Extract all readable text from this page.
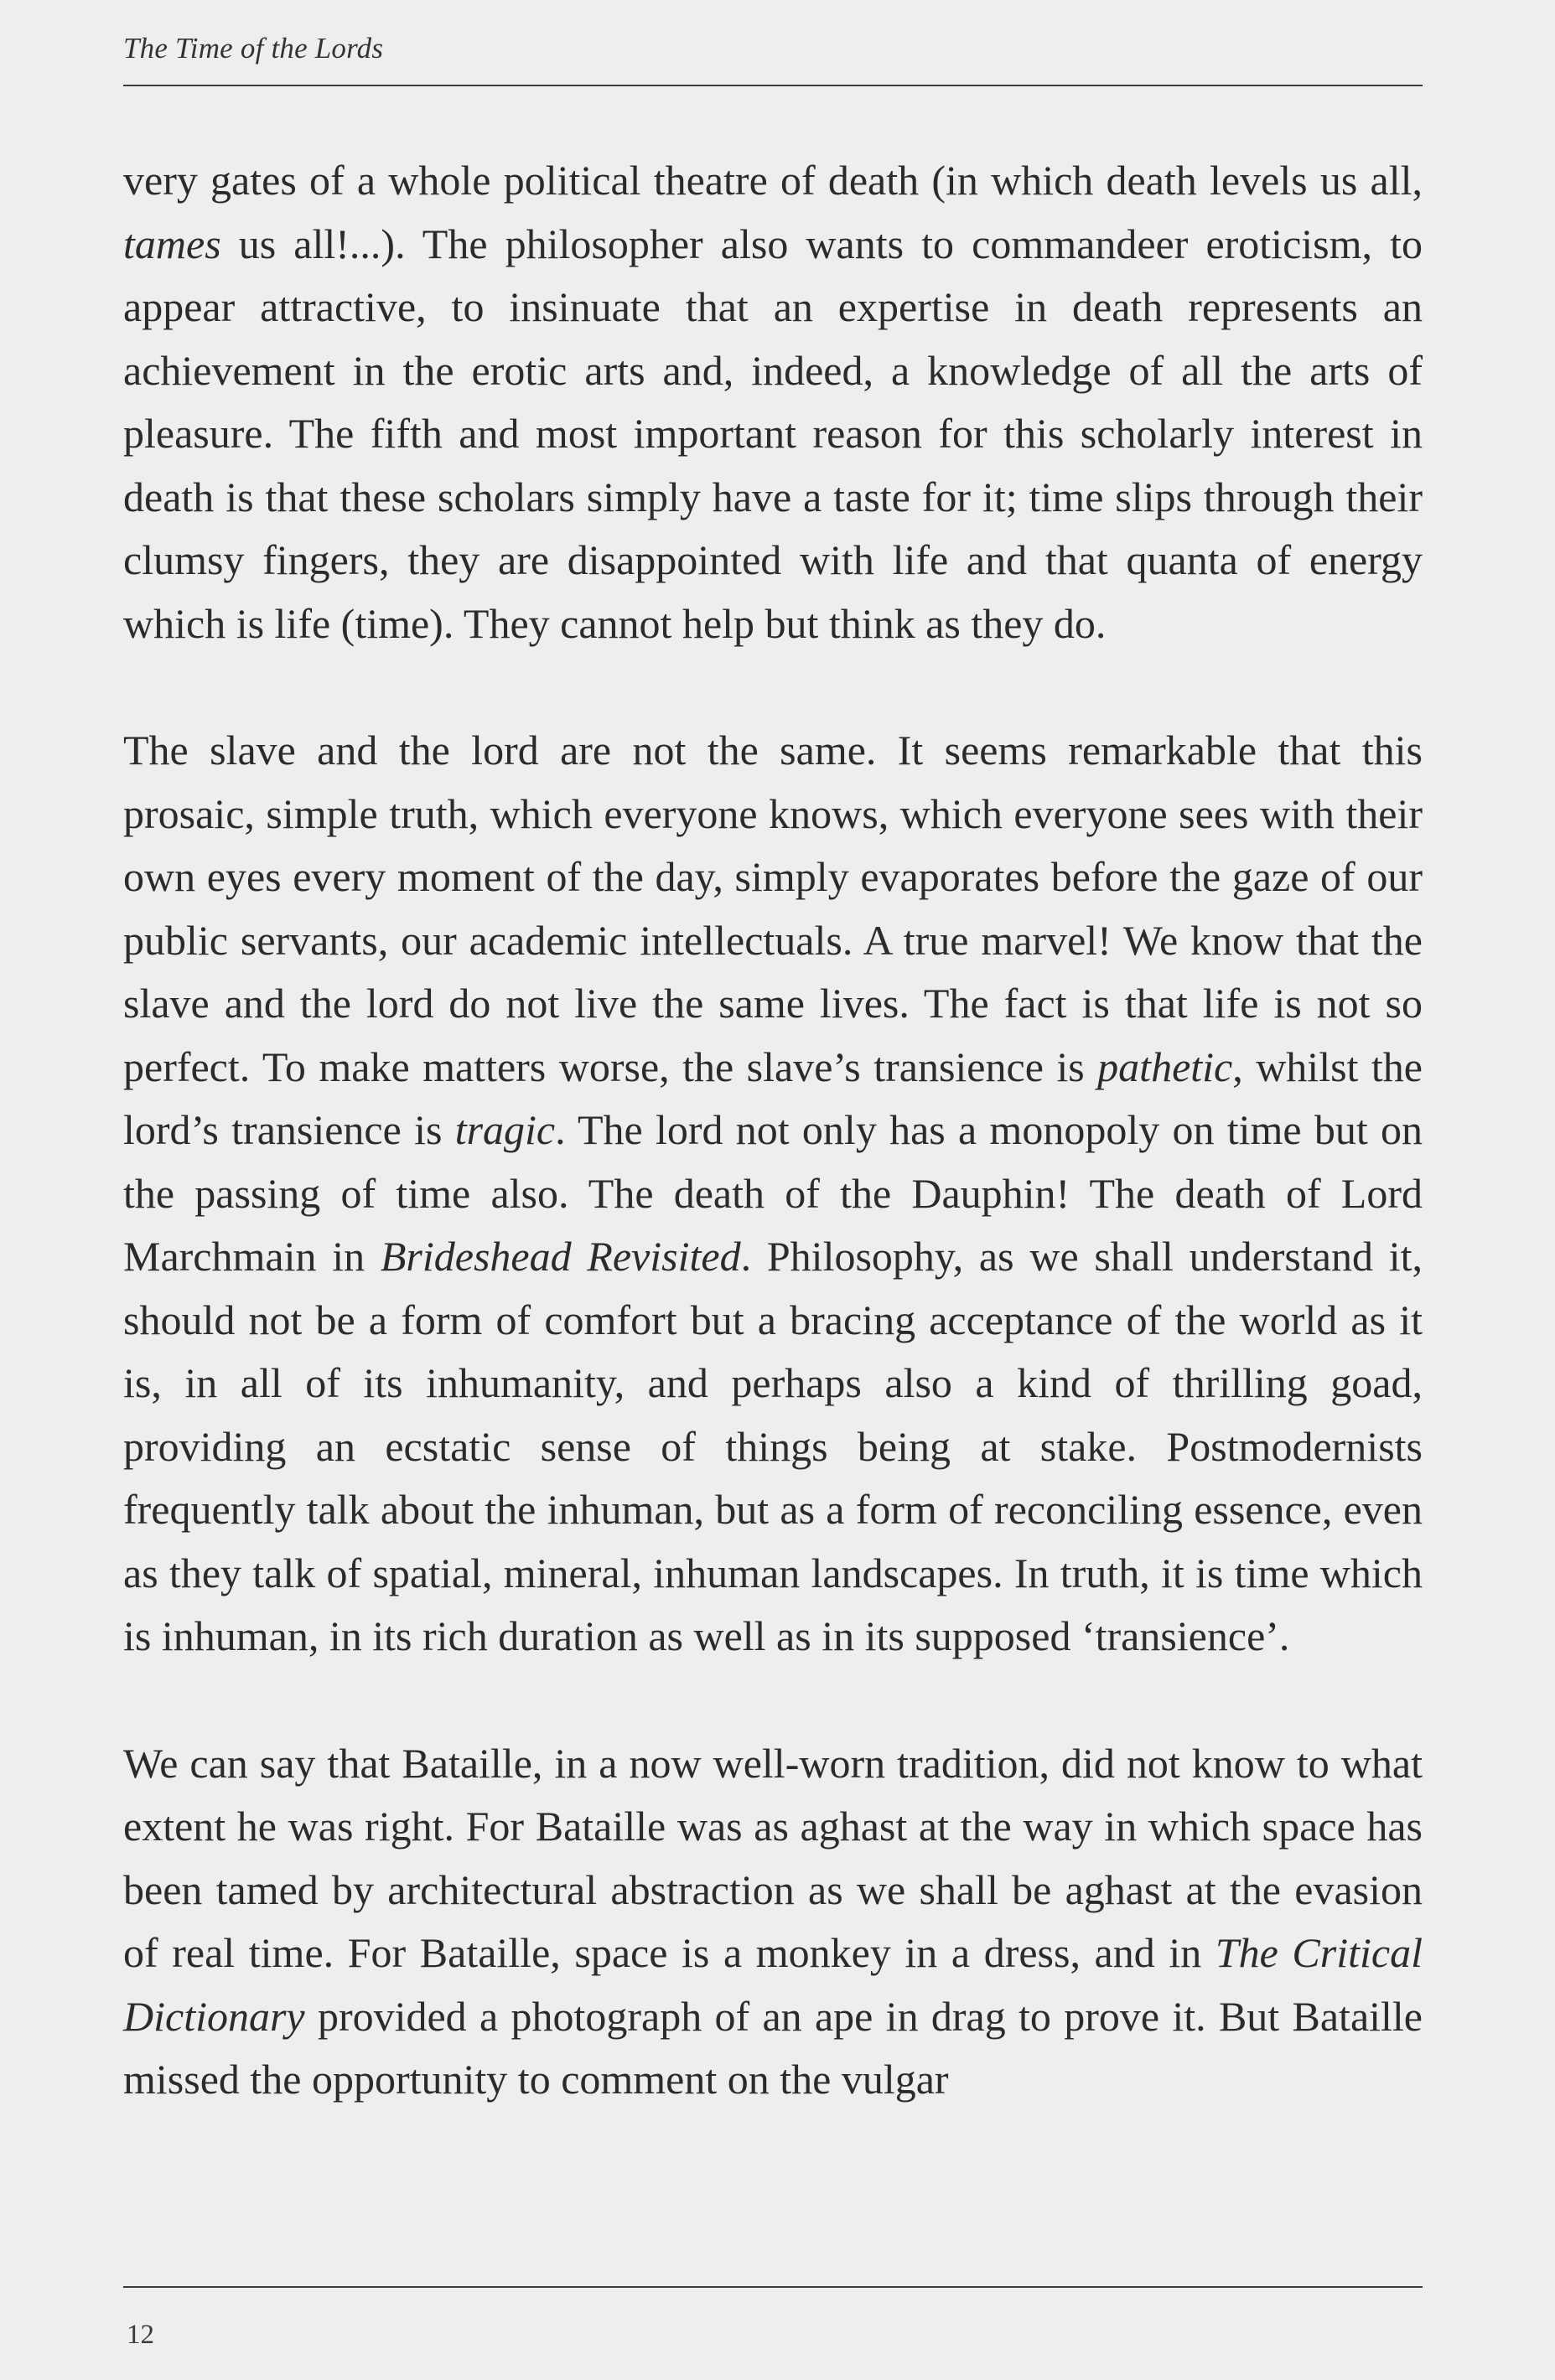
The Time of the Lords

very gates of a whole political theatre of death (in which death levels us all, tames us all!...). The philosopher also wants to commandeer eroticism, to appear attractive, to insinuate that an expertise in death represents an achievement in the erotic arts and, indeed, a knowledge of all the arts of pleasure. The fifth and most important reason for this scholarly interest in death is that these scholars simply have a taste for it; time slips through their clumsy fingers, they are disappointed with life and that quanta of energy which is life (time). They cannot help but think as they do.

The slave and the lord are not the same. It seems remarkable that this prosaic, simple truth, which everyone knows, which everyone sees with their own eyes every moment of the day, simply evaporates before the gaze of our public servants, our academic intellectuals. A true marvel! We know that the slave and the lord do not live the same lives. The fact is that life is not so perfect. To make matters worse, the slave’s transience is pathetic, whilst the lord’s transience is tragic. The lord not only has a monopoly on time but on the passing of time also. The death of the Dauphin! The death of Lord Marchmain in Brideshead Revisited. Philosophy, as we shall understand it, should not be a form of comfort but a bracing acceptance of the world as it is, in all of its inhumanity, and perhaps also a kind of thrilling goad, providing an ecstatic sense of things being at stake. Postmodernists frequently talk about the inhuman, but as a form of reconciling essence, even as they talk of spatial, mineral, inhuman landscapes. In truth, it is time which is inhuman, in its rich duration as well as in its supposed ‘transience’.

We can say that Bataille, in a now well-worn tradition, did not know to what extent he was right. For Bataille was as aghast at the way in which space has been tamed by architectural abstraction as we shall be aghast at the evasion of real time. For Bataille, space is a monkey in a dress, and in The Critical Dictionary provided a photograph of an ape in drag to prove it. But Bataille missed the opportunity to comment on the vulgar

12
